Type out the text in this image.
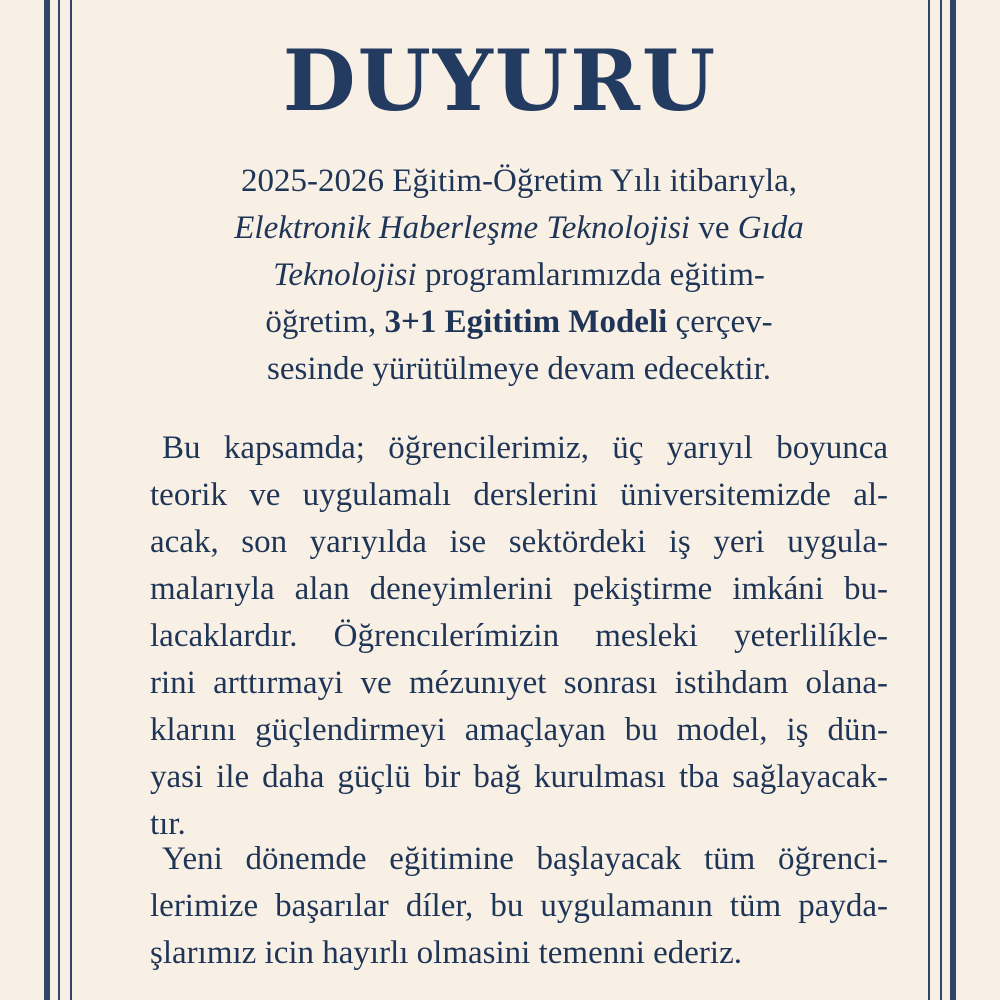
DUYURU
2025-2026 Eğitim-Öğretim Yılı itibarıyla,
Elektronik Haberleşme Teknolojisi ve Gıda
Teknolojisi programlarımızda eğitim-
öğretim, 3+1 Egititim Modeli çerçev-
sesinde yürütülmeye devam edecektir.
Bu kapsamda; öğrencilerimiz, üç yarıyıl boyunca
teorik ve uygulamalı derslerini üniversitemizde al-
acak, son yarıyılda ise sektördeki iş yeri uygula-
malarıyla alan deneyimlerini pekiştirme imkáni bu-
lacaklardır. Öğrencılerímizin mesleki yeterlilíkle-
rini arttırmayi ve mézunıyet sonrası istihdam olana-
klarını güçlendirmeyi amaçlayan bu model, iş dün-
yasi ile daha güçlü bir bağ kurulması tba sağlayacak-
tır.
Yeni dönemde eğitimine başlayacak tüm öğrenci-
lerimize başarılar díler, bu uygulamanın tüm payda-
şlarımız icin hayırlı olmasini temenni ederiz.
